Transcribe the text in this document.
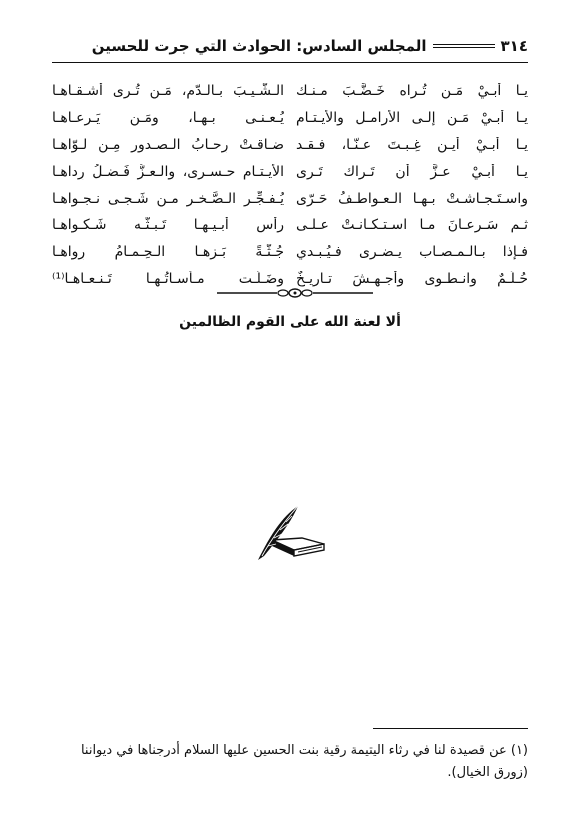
٣١٤
المجلس السادس: الحوادث التي جرت للحسين
يـا أبـيْ مَـن تُـراه خَـضَّـبَ مـنـك
الـشَّـيـبَ بـالـدّم، مَـن تُـرى أشـقـاهـا
يـا أبـيْ مَـن إلـى الأرامـل والأيـتـام
يُـعـنـى بـهـا، ومَـن يَـرعـاهـا
يـا أبـيْ أيـن غِـبـتَ عـنّـا، فـقـد
ضـاقـتْ رِحـابُ الـصـدور مِـن لـوّاهـا
يـا أبـيْ عـزَّ أن تَـراك تَـرى
الأيـتـام حـسـرى، والـعـزُّ فَـضـلُ رِداهـا
واسـتَـجـاشـتْ بـهـا الـعـواطـفُ حَـرّى
يُـفـجِّـر الـصَّـخـر مـن شَـجـى نـجـواهـا
ثـم سَـرعـانَ مـا اسـتـكـانـتْ عـلـى
رأس أبـيـهـا تَـبـثّـه شَـكـواهـا
فـإذا بـالـمـصـاب يـضـرى فـيُـبـدي
جُـثَّـةً بَـزهـا الـحِـمـامُ رِواهـا
حُـلُـمٌ وانـطـوى وأجـهـشَ تـاريـخٌ
وضَـلّـت مـأسـاتُـهـا تَـنـعـاهـا⁽¹⁾
ألا لعنة الله على القوم الظالمين
(١) عن قصيدة لنا في رثاء اليتيمة رقية بنت الحسين عليها السلام أدرجناها في ديواننا (زورق الخيال).
